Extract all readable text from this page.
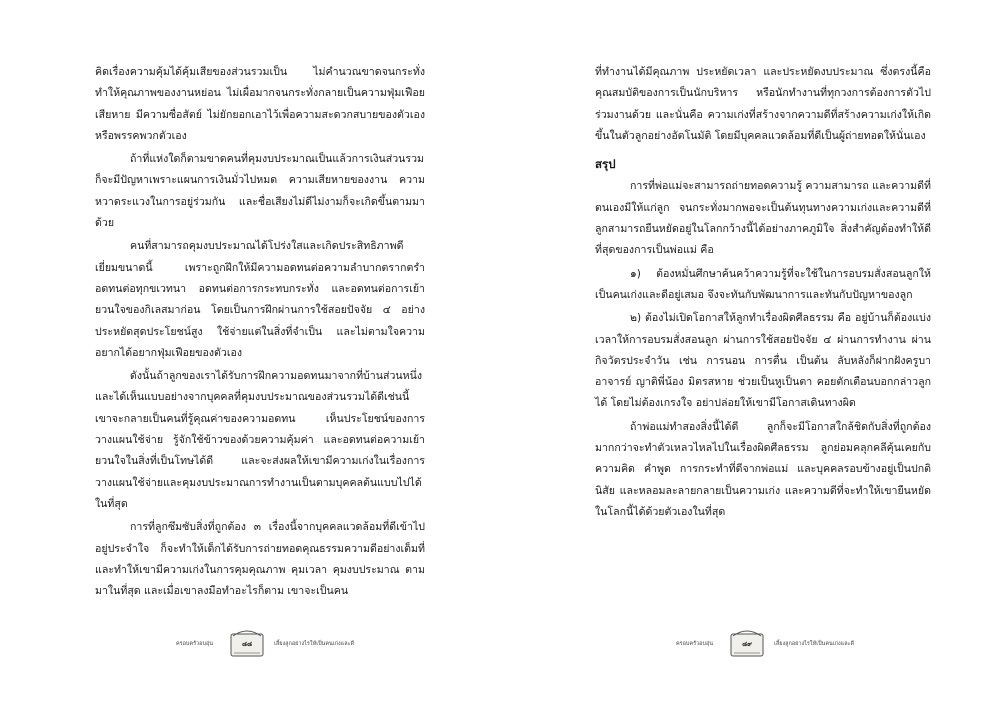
คิดเรื่องความคุ้มได้คุ้มเสียของส่วนรวมเป็น ไม่คำนวณขาดจนกระทั่งทำให้คุณภาพของงานหย่อน ไม่เผื่อมากจนกระทั่งกลายเป็นความฟุ่มเฟือยเสียหาย มีความซื่อสัตย์ ไม่ยักยอกเอาไว้เพื่อความสะดวกสบายของตัวเองหรือพรรคพวกตัวเอง

ถ้าที่แห่งใดก็ตามขาดคนที่คุมงบประมาณเป็นแล้วการเงินส่วนรวมก็จะมีปัญหาเพราะแผนการเงินมั่วไปหมด ความเสียหายของงาน ความหวาดระแวงในการอยู่ร่วมกัน และชื่อเสียงไม่ดีไม่งามก็จะเกิดขึ้นตามมาด้วย

คนที่สามารถคุมงบประมาณได้โปร่งใสและเกิดประสิทธิภาพดีเยี่ยมขนาดนี้ เพราะถูกฝึกให้มีความอดทนต่อความลำบากตรากตรำ อดทนต่อทุกขเวทนา อดทนต่อการกระทบกระทั่ง และอดทนต่อการเย้ายวนใจของกิเลสมาก่อน โดยเป็นการฝึกผ่านการใช้สอยปัจจัย ๔ อย่างประหยัดสุดประโยชน์สูง ใช้จ่ายแต่ในสิ่งที่จำเป็น และไม่ตามใจความอยากได้อยากฟุ่มเฟือยของตัวเอง

ดังนั้นถ้าลูกของเราได้รับการฝึกความอดทนมาจากที่บ้านส่วนหนึ่งและได้เห็นแบบอย่างจากบุคคลที่คุมงบประมาณของส่วนรวมได้ดีเช่นนี้ เขาจะกลายเป็นคนที่รู้คุณค่าของความอดทน เห็นประโยชน์ของการวางแผนใช้จ่าย รู้จักใช้ข้าวของด้วยความคุ้มค่า และอดทนต่อความเย้ายวนใจในสิ่งที่เป็นโทษได้ดี และจะส่งผลให้เขามีความเก่งในเรื่องการวางแผนใช้จ่ายและคุมงบประมาณการทำงานเป็นตามบุคคลต้นแบบไปได้ในที่สุด

การที่ลูกซึมซับสิ่งที่ถูกต้อง ๓ เรื่องนี้จากบุคคลแวดล้อมที่ดีเข้าไปอยู่ประจำใจ ก็จะทำให้เด็กได้รับการถ่ายทอดคุณธรรมความดีอย่างเต็มที่ และทำให้เขามีความเก่งในการคุมคุณภาพ คุมเวลา คุมงบประมาณ ตามมาในที่สุด และเมื่อเขาลงมือทำอะไรก็ตาม เขาจะเป็นคน

ครอบครัวอบอุ่น	๘๘	เลี้ยงลูกอย่างไรให้เป็นคนเก่งและดี

ที่ทำงานได้มีคุณภาพ ประหยัดเวลา และประหยัดงบประมาณ ซึ่งตรงนี้คือคุณสมบัติของการเป็นนักบริหาร หรือนักทำงานที่ทุกวงการต้องการตัวไปร่วมงานด้วย และนั่นคือ ความเก่งที่สร้างจากความดีที่สร้างความเก่งให้เกิดขึ้นในตัวลูกอย่างอัตโนมัติ โดยมีบุคคลแวดล้อมที่ดีเป็นผู้ถ่ายทอดให้นั่นเอง

สรุป

การที่พ่อแม่จะสามารถถ่ายทอดความรู้ ความสามารถ และความดีที่ตนเองมีให้แก่ลูก จนกระทั่งมากพอจะเป็นต้นทุนทางความเก่งและความดีที่ลูกสามารถยืนหยัดอยู่ในโลกกว้างนี้ได้อย่างภาคภูมิใจ สิ่งสำคัญต้องทำให้ดีที่สุดของการเป็นพ่อแม่ คือ

๑) ต้องหมั่นศึกษาค้นคว้าความรู้ที่จะใช้ในการอบรมสั่งสอนลูกให้เป็นคนเก่งและดีอยู่เสมอ จึงจะทันกับพัฒนาการและทันกับปัญหาของลูก

๒) ต้องไม่เปิดโอกาสให้ลูกทำเรื่องผิดศีลธรรม คือ อยู่บ้านก็ต้องแบ่งเวลาให้การอบรมสั่งสอนลูก ผ่านการใช้สอยปัจจัย ๔ ผ่านการทำงาน ผ่านกิจวัตรประจำวัน เช่น การนอน การตื่น เป็นต้น ลับหลังก็ฝากฝังครูบาอาจารย์ ญาติพี่น้อง มิตรสหาย ช่วยเป็นหูเป็นตา คอยตักเตือนบอกกล่าวลูกได้ โดยไม่ต้องเกรงใจ อย่าปล่อยให้เขามีโอกาสเดินทางผิด

ถ้าพ่อแม่ทำสองสิ่งนี้ได้ดี ลูกก็จะมีโอกาสใกล้ชิดกับสิ่งที่ถูกต้องมากกว่าจะทำตัวเหลวไหลไปในเรื่องผิดศีลธรรม ลูกย่อมคลุกคลีคุ้นเคยกับความคิด คำพูด การกระทำที่ดีจากพ่อแม่ และบุคคลรอบข้างอยู่เป็นปกตินิสัย และหลอมละลายกลายเป็นความเก่ง และความดีที่จะทำให้เขายืนหยัดในโลกนี้ได้ด้วยตัวเองในที่สุด

ครอบครัวอบอุ่น	๘๙	เลี้ยงลูกอย่างไรให้เป็นคนเก่งและดี
